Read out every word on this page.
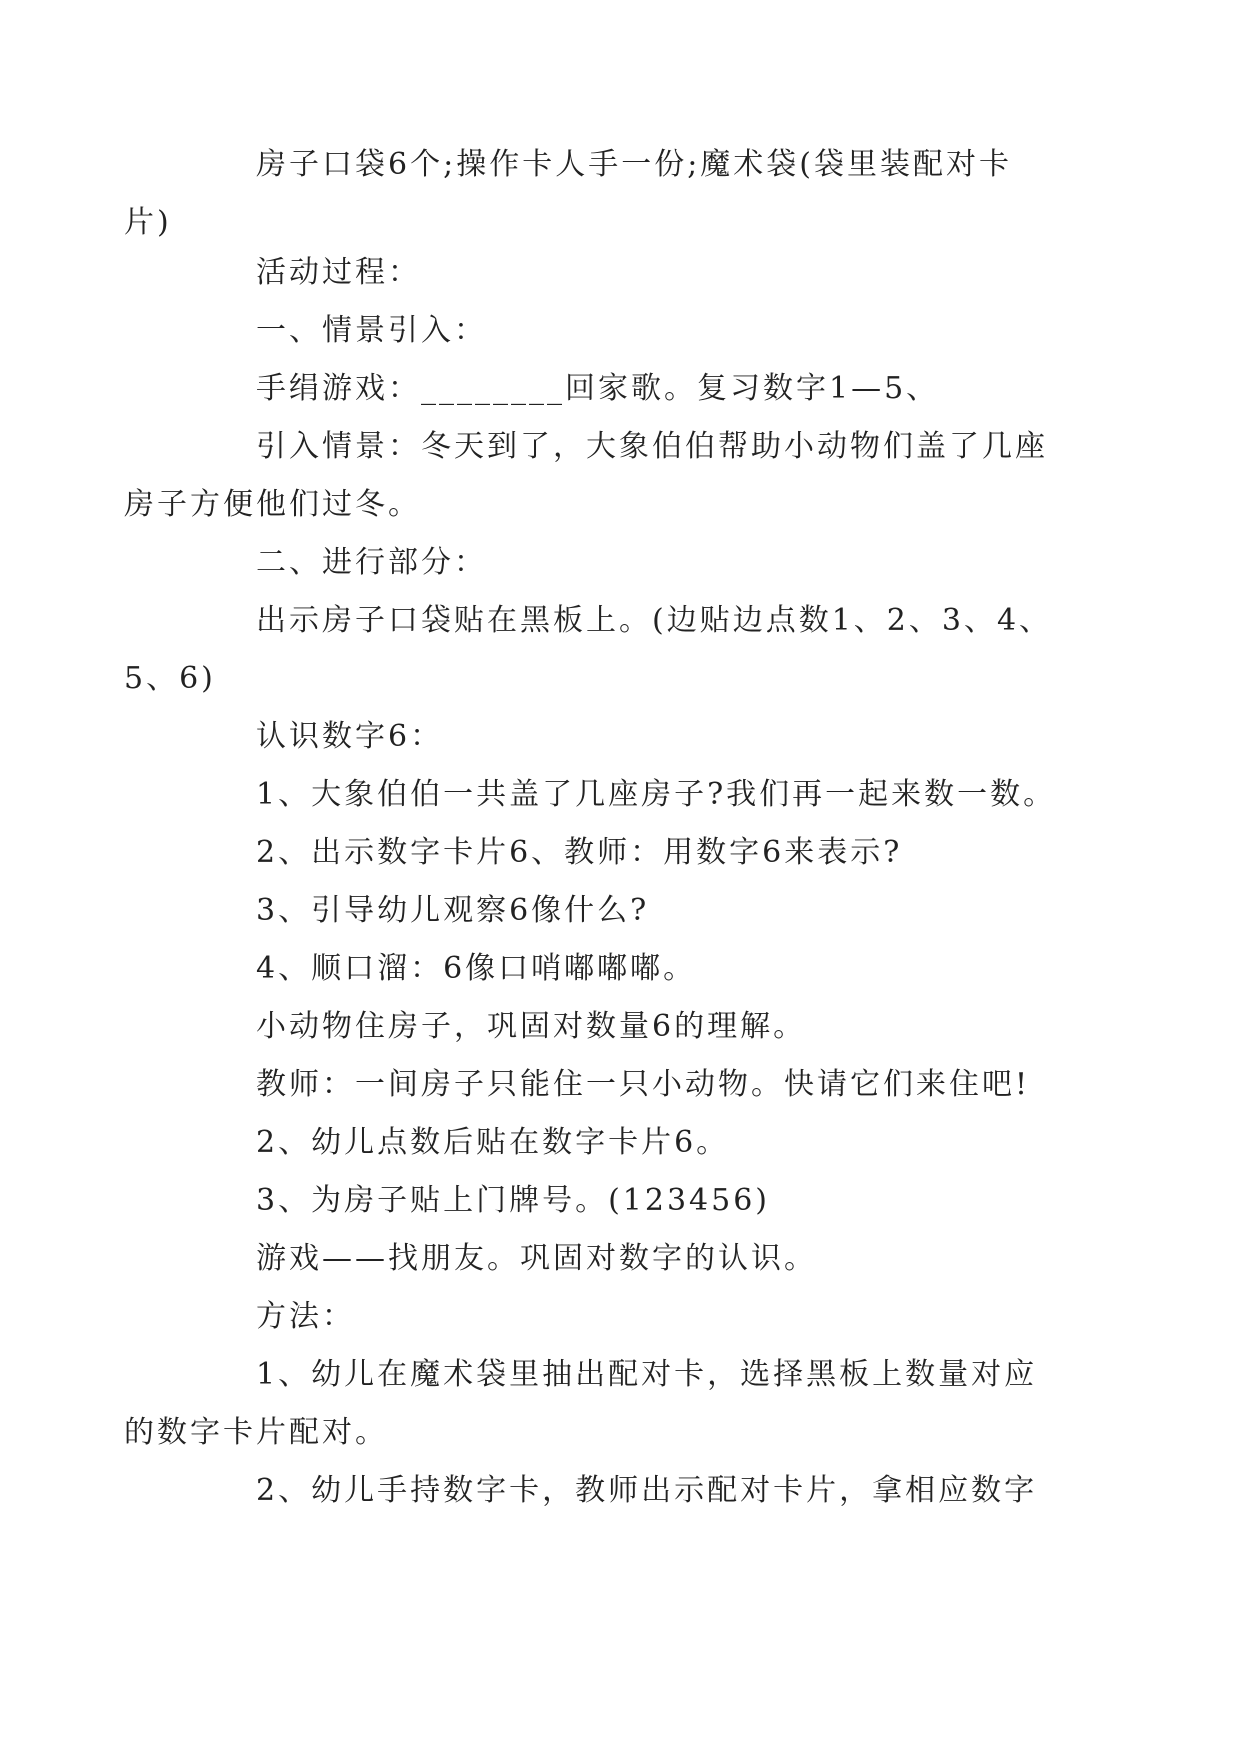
房子口袋6个;操作卡人手一份;魔术袋(袋里装配对卡
片)

活动过程：

一、情景引入：

手绢游戏：________回家歌。复习数字1—5、

引入情景：冬天到了，大象伯伯帮助小动物们盖了几座
房子方便他们过冬。

二、进行部分：

出示房子口袋贴在黑板上。(边贴边点数1、2、3、4、
5、6)

认识数字6：

1、大象伯伯一共盖了几座房子?我们再一起来数一数。

2、出示数字卡片6、教师：用数字6来表示?

3、引导幼儿观察6像什么?

4、顺口溜：6像口哨嘟嘟嘟。

小动物住房子，巩固对数量6的理解。

教师：一间房子只能住一只小动物。快请它们来住吧!

2、幼儿点数后贴在数字卡片6。

3、为房子贴上门牌号。(123456)

游戏——找朋友。巩固对数字的认识。

方法：

1、幼儿在魔术袋里抽出配对卡，选择黑板上数量对应
的数字卡片配对。

2、幼儿手持数字卡，教师出示配对卡片，拿相应数字
